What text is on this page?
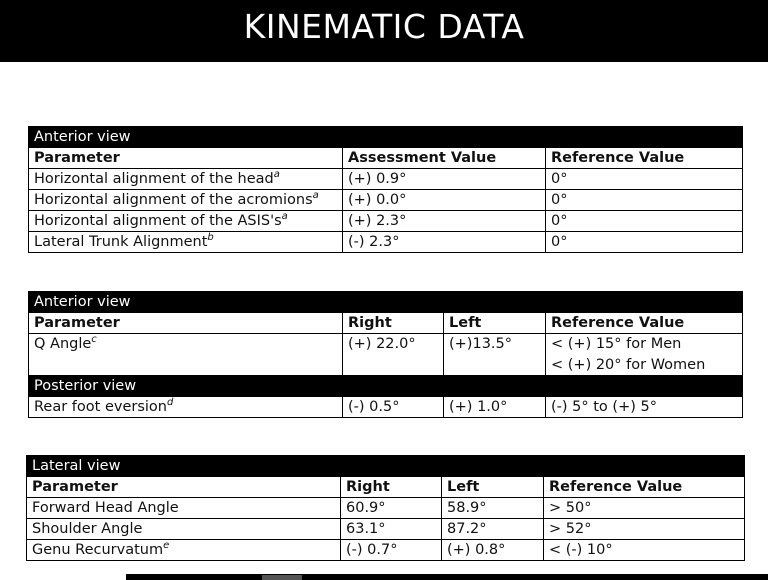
KINEMATIC DATA
Anterior view		
Parameter	Assessment Value	Reference Value
Horizontal alignment of the head$^a$	(+) 0.9°	0°
Horizontal alignment of the acromions$^a$	(+) 0.0°	0°
Horizontal alignment of the $ASIS's^a$	(+) 2.3°	0°
Lateral Trunk Alignment$^b$	(-) 2.3°	0°
Anterior view			
Parameter	Right	Left	Reference Value
Q Angle$^c$	(+) 22.0°	(+)13.5°	< (+) 15° for Men
			< (+) 20° for Women
Posterior view			
Rear foot eversion$^d$	(-) 0.5°	(+) 1.0°	(-) 5° to (+) 5°
Lateral view			
Parameter	Right	Left	Reference Value
Forward Head Angle	60.9°	58.9°	> 50°
Shoulder Angle	63.1°	87.2°	> 52°
Genu Recurvatum$^e$	(-) 0.7°	(+) 0.8°	< (-) 10°
